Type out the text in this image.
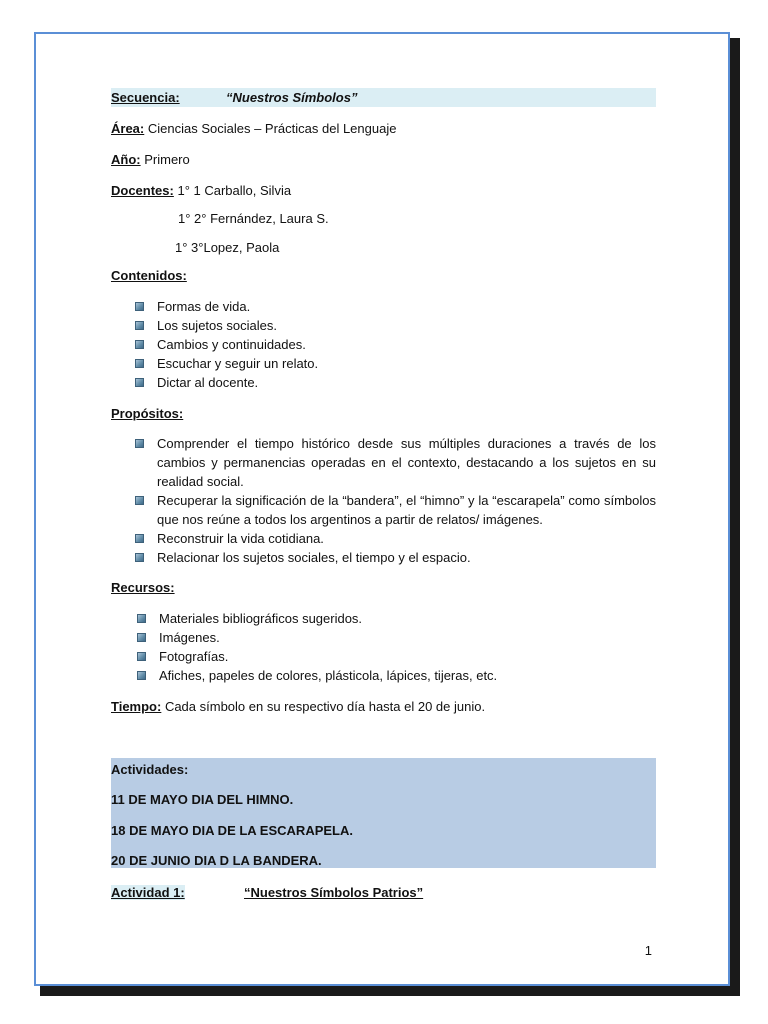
Secuencia:	“Nuestros Símbolos”
Área: Ciencias Sociales – Prácticas del Lenguaje
Año: Primero
Docentes: 1° 1 Carballo, Silvia
1° 2° Fernández, Laura S.
1° 3°Lopez, Paola
Contenidos:
Formas de vida.
Los sujetos sociales.
Cambios y continuidades.
Escuchar y seguir un relato.
Dictar al docente.
Propósitos:
Comprender el tiempo histórico desde sus múltiples duraciones a través de los cambios y permanencias operadas en el contexto, destacando a los sujetos en su realidad social.
Recuperar la significación de la “bandera”, el “himno” y la “escarapela” como símbolos que nos reúne a todos los argentinos a partir de relatos/ imágenes.
Reconstruir la vida cotidiana.
Relacionar los sujetos sociales, el tiempo y el espacio.
Recursos:
Materiales bibliográficos sugeridos.
Imágenes.
Fotografías.
Afiches, papeles de colores, plásticola, lápices, tijeras, etc.
Tiempo: Cada símbolo en su respectivo día hasta el 20 de junio.
Actividades:
11 DE MAYO DIA DEL HIMNO.
18 DE MAYO DIA DE LA ESCARAPELA.
20 DE JUNIO DIA D LA BANDERA.
Actividad 1:	“Nuestros Símbolos Patrios”
1
